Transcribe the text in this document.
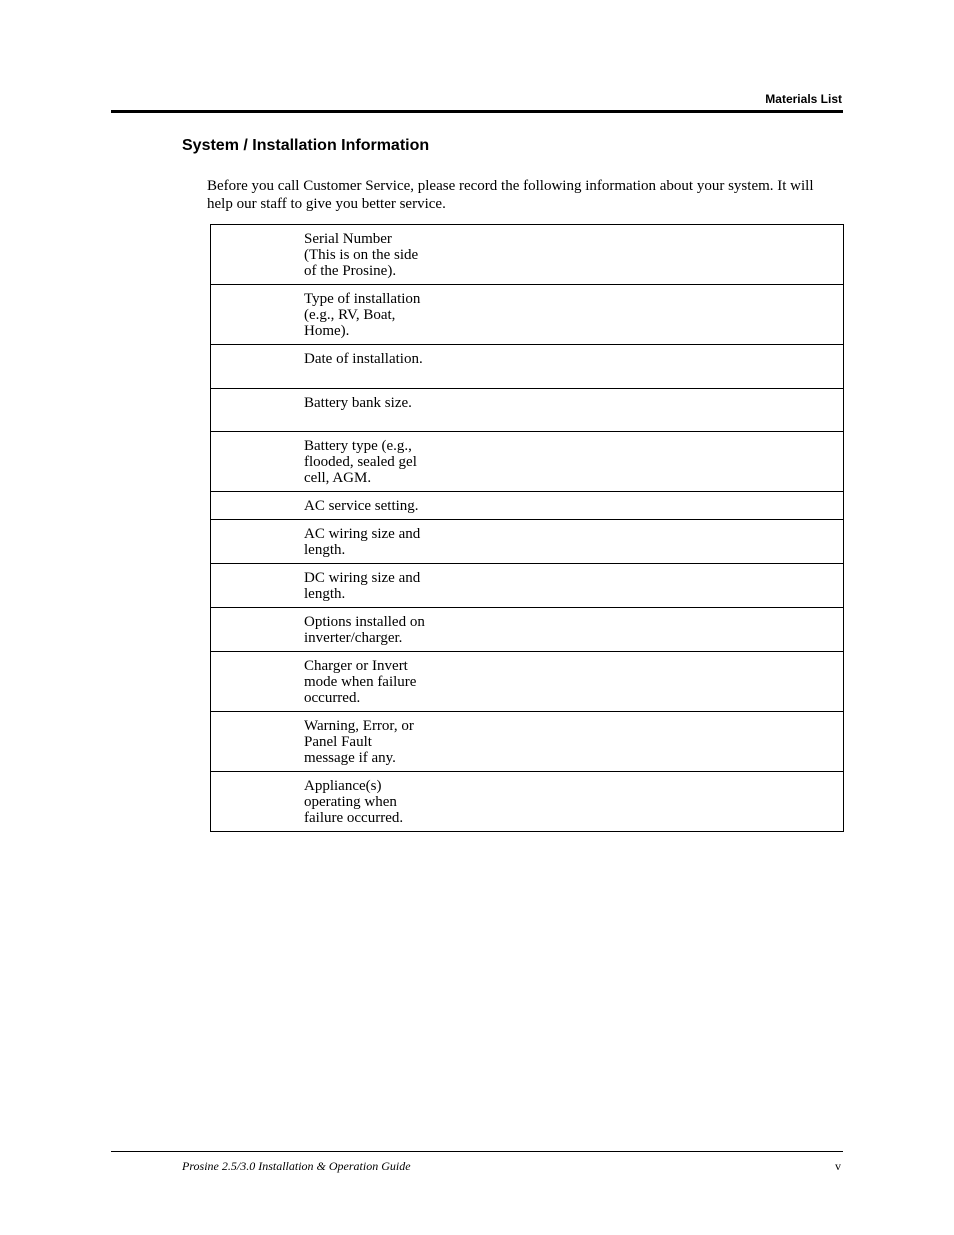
Materials List
System / Installation Information

Before you call Customer Service, please record the following information about your system. It will help our staff to give you better service.

	Serial Number
(This is on the side
of the Prosine).	
	Type of installation
(e.g., RV, Boat,
Home).	
	Date of installation.	
	Battery bank size.	
	Battery type (e.g.,
flooded, sealed gel
cell, AGM.	
	AC service setting.	
	AC wiring size and
length.	
	DC wiring size and
length.	
	Options installed on
inverter/charger.	
	Charger or Invert
mode when failure
occurred.	
	Warning, Error, or
Panel Fault
message if any.	
	Appliance(s)
operating when
failure occurred.	
Prosine 2.5/3.0 Installation & Operation Guide	v
